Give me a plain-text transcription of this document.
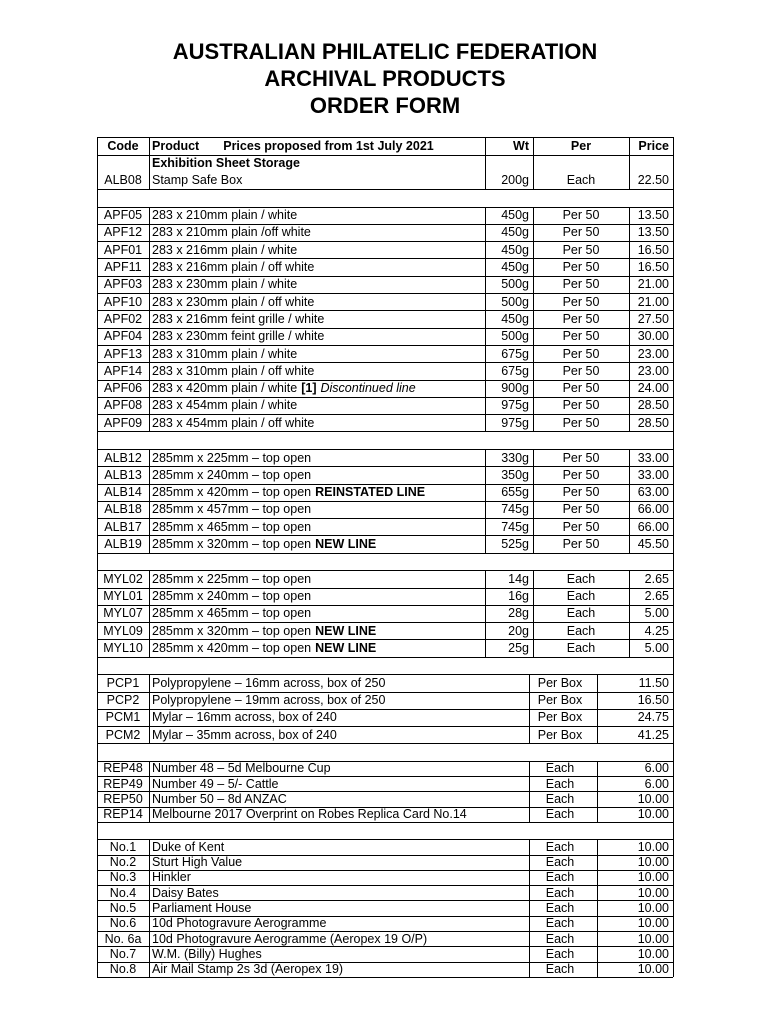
AUSTRALIAN PHILATELIC FEDERATION
ARCHIVAL PRODUCTS
ORDER FORM
Code	Product Prices proposed from 1st July 2021	Wt	Per	Price
Exhibition Sheet Storage
ALB08 Stamp Safe Box	200g	Each	22.50
APF05 283 x 210mm plain / white	450g	Per 50	13.50
APF12 283 x 210mm plain /off white	450g	Per 50	13.50
APF01 283 x 216mm plain / white	450g	Per 50	16.50
APF11 283 x 216mm plain / off white	450g	Per 50	16.50
APF03 283 x 230mm plain / white	500g	Per 50	21.00
APF10 283 x 230mm plain / off white	500g	Per 50	21.00
APF02 283 x 216mm feint grille / white	450g	Per 50	27.50
APF04 283 x 230mm feint grille / white	500g	Per 50	30.00
APF13 283 x 310mm plain / white	675g	Per 50	23.00
APF14 283 x 310mm plain / off white	675g	Per 50	23.00
APF06 283 x 420mm plain / white [1] Discontinued line	900g	Per 50	24.00
APF08 283 x 454mm plain / white	975g	Per 50	28.50
APF09 283 x 454mm plain / off white	975g	Per 50	28.50
ALB12 285mm x 225mm – top open	330g	Per 50	33.00
ALB13 285mm x 240mm – top open	350g	Per 50	33.00
ALB14 285mm x 420mm – top open REINSTATED LINE	655g	Per 50	63.00
ALB18 285mm x 457mm – top open	745g	Per 50	66.00
ALB17 285mm x 465mm – top open	745g	Per 50	66.00
ALB19 285mm x 320mm – top open NEW LINE	525g	Per 50	45.50
MYL02 285mm x 225mm – top open	14g	Each	2.65
MYL01 285mm x 240mm – top open	16g	Each	2.65
MYL07 285mm x 465mm – top open	28g	Each	5.00
MYL09 285mm x 320mm – top open NEW LINE	20g	Each	4.25
MYL10 285mm x 420mm – top open NEW LINE	25g	Each	5.00
PCP1	Polypropylene – 16mm across, box of 250	Per Box	11.50
PCP2	Polypropylene – 19mm across, box of 250	Per Box	16.50
PCM1 Mylar – 16mm across, box of 240	Per Box	24.75
PCM2 Mylar – 35mm across, box of 240	Per Box	41.25
REP48 Number 48 – 5d Melbourne Cup	Each	6.00
REP49 Number 49 – 5/- Cattle	Each	6.00
REP50 Number 50 – 8d ANZAC	Each	10.00
REP14 Melbourne 2017 Overprint on Robes Replica Card No.14	Each	10.00
No.1	Duke of Kent	Each	10.00
No.2	Sturt High Value	Each	10.00
No.3	Hinkler	Each	10.00
No.4	Daisy Bates	Each	10.00
No.5	Parliament House	Each	10.00
No.6	10d Photogravure Aerogramme	Each	10.00
No. 6a 10d Photogravure Aerogramme (Aeropex 19 O/P)	Each	10.00
No.7	W.M. (Billy) Hughes	Each	10.00
No.8	Air Mail Stamp 2s 3d (Aeropex 19)	Each	10.00
